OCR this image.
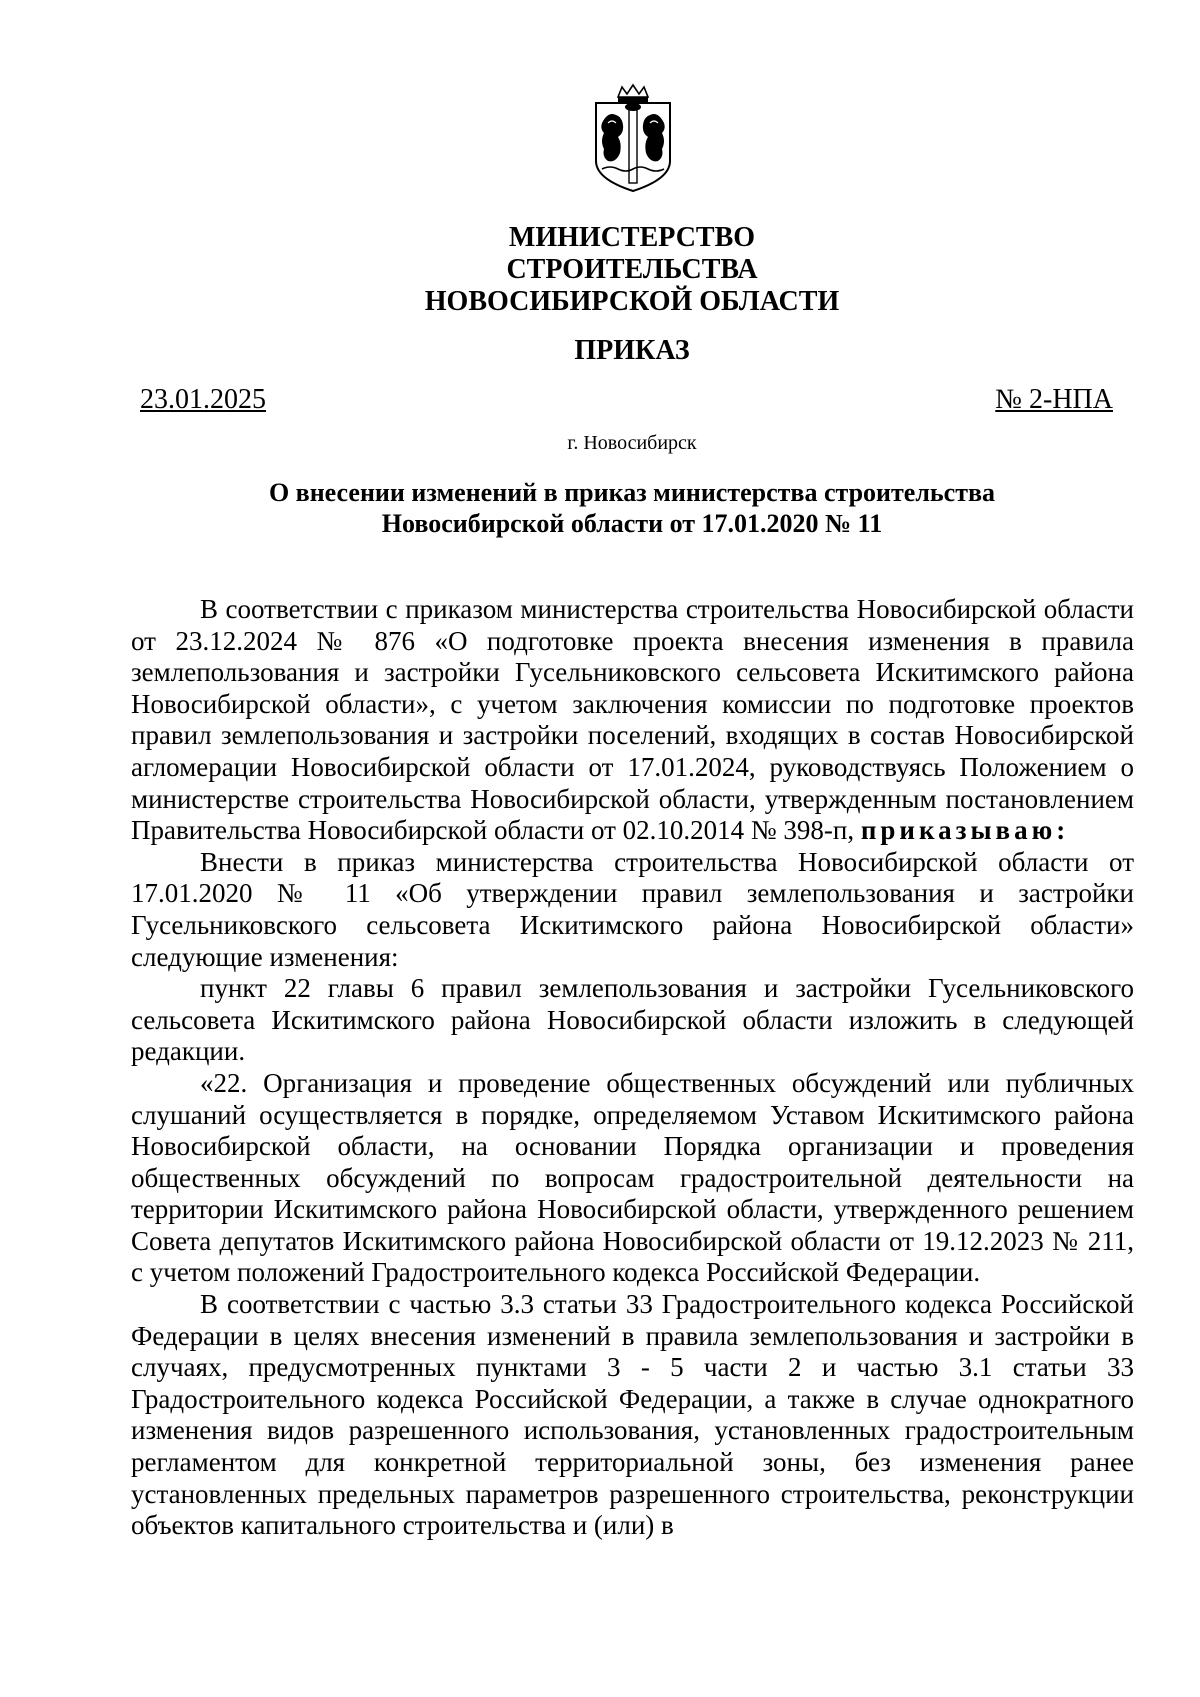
МИНИСТЕРСТВО
СТРОИТЕЛЬСТВА
НОВОСИБИРСКОЙ ОБЛАСТИ
ПРИКАЗ
23.01.2025	№ 2-НПА
г. Новосибирск
О внесении изменений в приказ министерства строительства
Новосибирской области от 17.01.2020 № 11

В соответствии с приказом министерства строительства Новосибирской области от 23.12.2024 № 876 «О подготовке проекта внесения изменения в правила землепользования и застройки Гусельниковского сельсовета Искитимского района Новосибирской области», с учетом заключения комиссии по подготовке проектов правил землепользования и застройки поселений, входящих в состав Новосибирской агломерации Новосибирской области от 17.01.2024, руководствуясь Положением о министерстве строительства Новосибирской области, утвержденным постановлением Правительства Новосибирской области от 02.10.2014 № 398-п, приказываю:

Внести в приказ министерства строительства Новосибирской области от 17.01.2020 № 11 «Об утверждении правил землепользования и застройки Гусельниковского сельсовета Искитимского района Новосибирской области» следующие изменения:

пункт 22 главы 6 правил землепользования и застройки Гусельниковского сельсовета Искитимского района Новосибирской области изложить в следующей редакции.

«22. Организация и проведение общественных обсуждений или публичных слушаний осуществляется в порядке, определяемом Уставом Искитимского района Новосибирской области, на основании Порядка организации и проведения общественных обсуждений по вопросам градостроительной деятельности на территории Искитимского района Новосибирской области, утвержденного решением Совета депутатов Искитимского района Новосибирской области от 19.12.2023 № 211, с учетом положений Градостроительного кодекса Российской Федерации.

В соответствии с частью 3.3 статьи 33 Градостроительного кодекса Российской Федерации в целях внесения изменений в правила землепользования и застройки в случаях, предусмотренных пунктами 3 - 5 части 2 и частью 3.1 статьи 33 Градостроительного кодекса Российской Федерации, а также в случае однократного изменения видов разрешенного использования, установленных градостроительным регламентом для конкретной территориальной зоны, без изменения ранее установленных предельных параметров разрешенного строительства, реконструкции объектов капитального строительства и (или) в
